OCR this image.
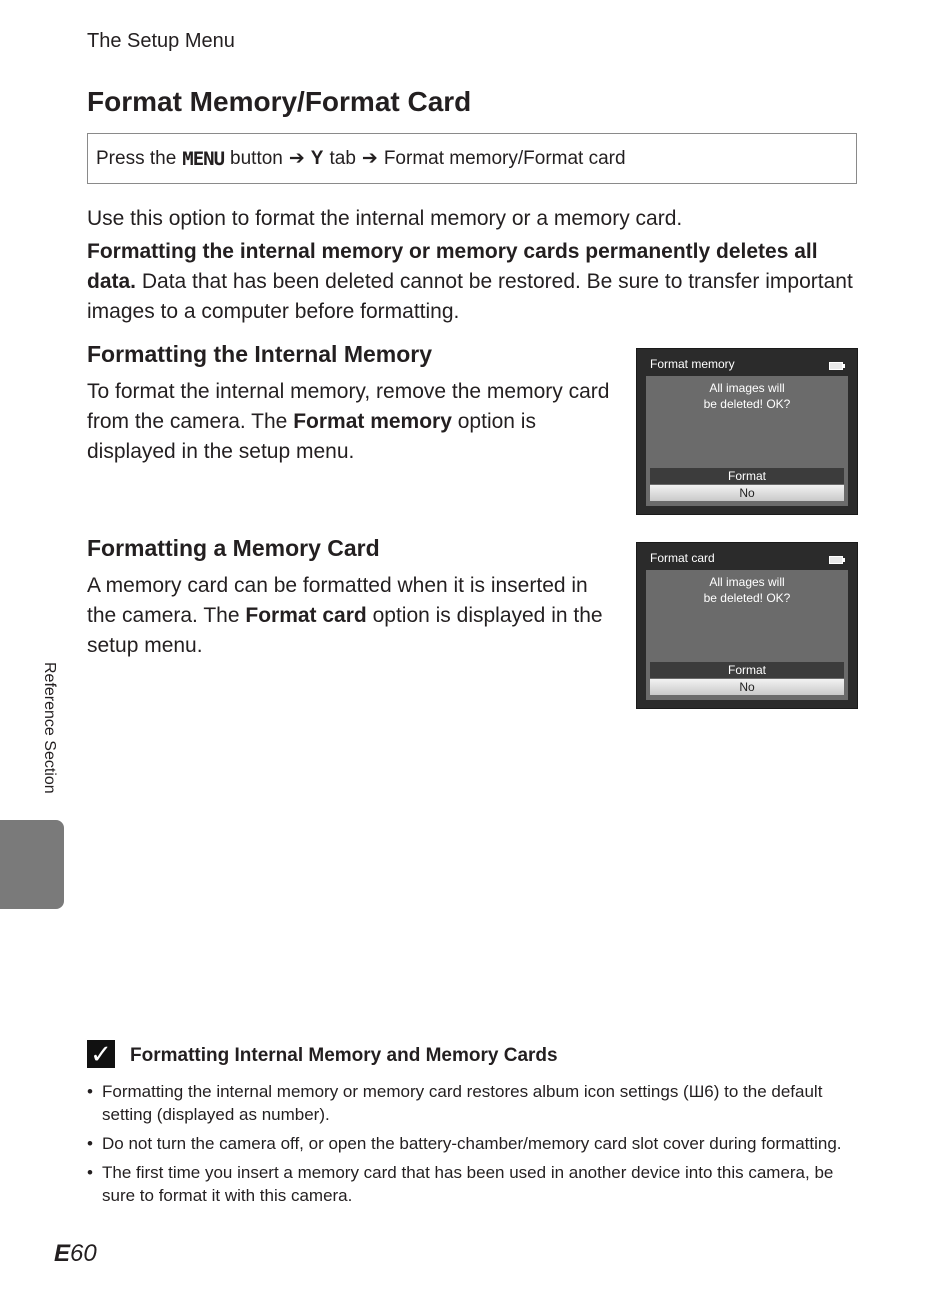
The Setup Menu
Format Memory/Format Card
Press the MENU button ➔ Y tab ➔ Format memory/Format card
Use this option to format the internal memory or a memory card.
Formatting the internal memory or memory cards permanently deletes all data. Data that has been deleted cannot be restored. Be sure to transfer important images to a computer before formatting.
Formatting the Internal Memory
To format the internal memory, remove the memory card from the camera. The Format memory option is displayed in the setup menu.
Format memory
All images will
be deleted! OK?
Format
No
Formatting a Memory Card
A memory card can be formatted when it is inserted in the camera. The Format card option is displayed in the setup menu.
Format card
All images will
be deleted! OK?
Format
No
Reference Section
✓ Formatting Internal Memory and Memory Cards
• Formatting the internal memory or memory card restores album icon settings (Ш6) to the default setting (displayed as number).
• Do not turn the camera off, or open the battery-chamber/memory card slot cover during formatting.
• The first time you insert a memory card that has been used in another device into this camera, be sure to format it with this camera.
E60
